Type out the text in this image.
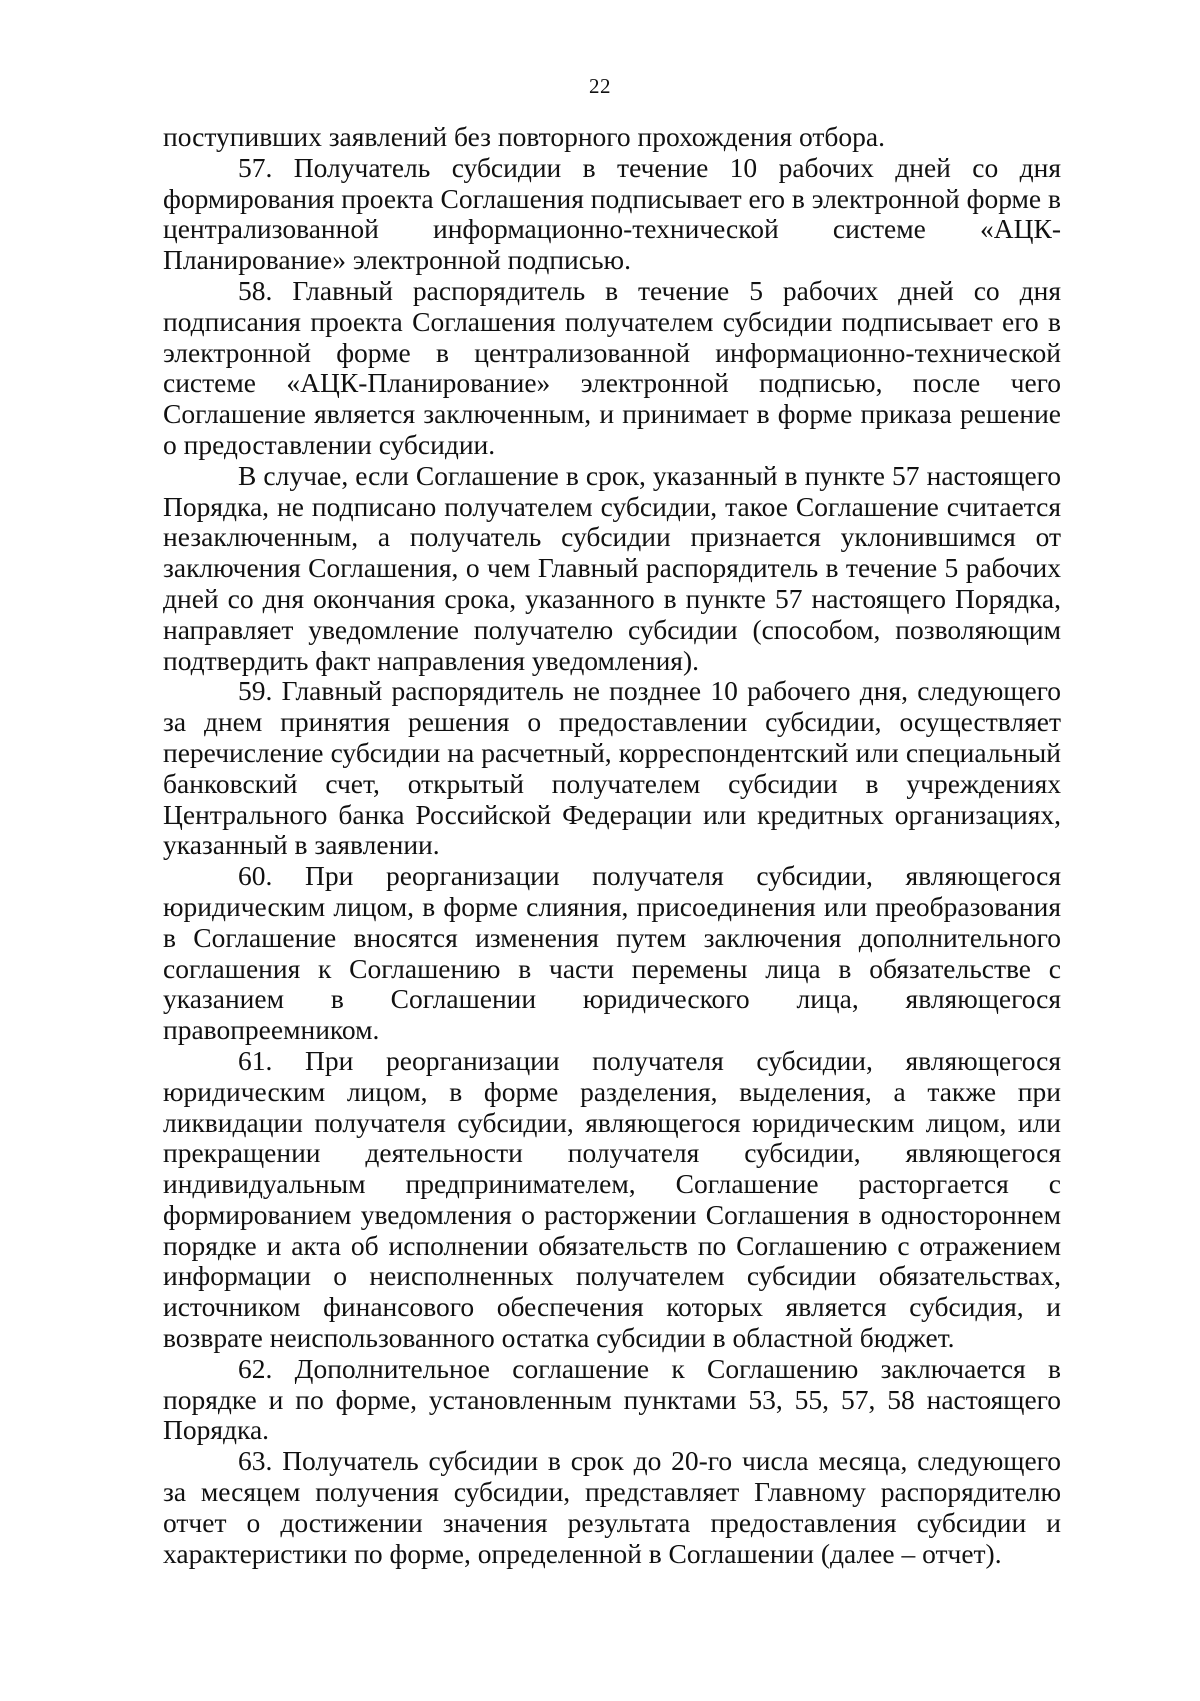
22

поступивших заявлений без повторного прохождения отбора.

57. Получатель субсидии в течение 10 рабочих дней со дня формирования проекта Соглашения подписывает его в электронной форме в централизованной информационно-технической системе «АЦК-Планирование» электронной подписью.

58. Главный распорядитель в течение 5 рабочих дней со дня подписания проекта Соглашения получателем субсидии подписывает его в электронной форме в централизованной информационно-технической системе «АЦК-Планирование» электронной подписью, после чего Соглашение является заключенным, и принимает в форме приказа решение о предоставлении субсидии.

В случае, если Соглашение в срок, указанный в пункте 57 настоящего Порядка, не подписано получателем субсидии, такое Соглашение считается незаключенным, а получатель субсидии признается уклонившимся от заключения Соглашения, о чем Главный распорядитель в течение 5 рабочих дней со дня окончания срока, указанного в пункте 57 настоящего Порядка, направляет уведомление получателю субсидии (способом, позволяющим подтвердить факт направления уведомления).

59. Главный распорядитель не позднее 10 рабочего дня, следующего за днем принятия решения о предоставлении субсидии, осуществляет перечисление субсидии на расчетный, корреспондентский или специальный банковский счет, открытый получателем субсидии в учреждениях Центрального банка Российской Федерации или кредитных организациях, указанный в заявлении.

60. При реорганизации получателя субсидии, являющегося юридическим лицом, в форме слияния, присоединения или преобразования в Соглашение вносятся изменения путем заключения дополнительного соглашения к Соглашению в части перемены лица в обязательстве с указанием в Соглашении юридического лица, являющегося правопреемником.

61. При реорганизации получателя субсидии, являющегося юридическим лицом, в форме разделения, выделения, а также при ликвидации получателя субсидии, являющегося юридическим лицом, или прекращении деятельности получателя субсидии, являющегося индивидуальным предпринимателем, Соглашение расторгается с формированием уведомления о расторжении Соглашения в одностороннем порядке и акта об исполнении обязательств по Соглашению с отражением информации о неисполненных получателем субсидии обязательствах, источником финансового обеспечения которых является субсидия, и возврате неиспользованного остатка субсидии в областной бюджет.

62. Дополнительное соглашение к Соглашению заключается в порядке и по форме, установленным пунктами 53, 55, 57, 58 настоящего Порядка.

63. Получатель субсидии в срок до 20-го числа месяца, следующего за месяцем получения субсидии, представляет Главному распорядителю отчет о достижении значения результата предоставления субсидии и характеристики по форме, определенной в Соглашении (далее – отчет).
